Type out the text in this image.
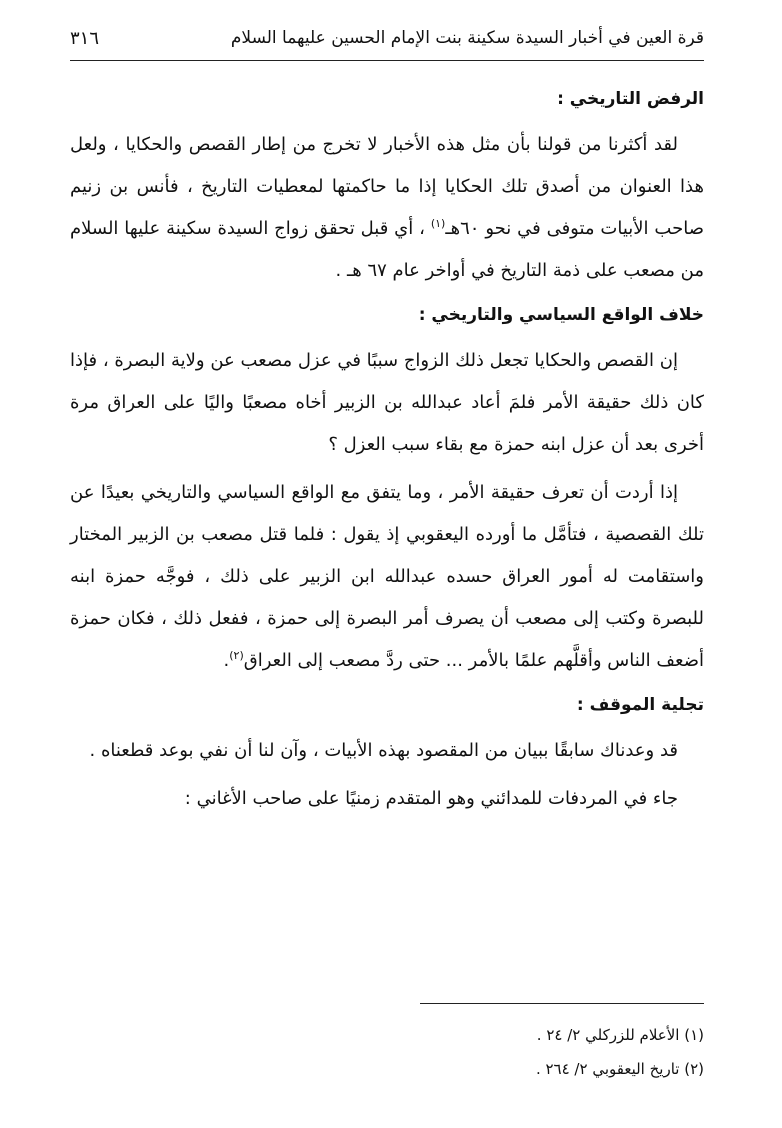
قرة العين في أخبار السيدة سكينة بنت الإمام الحسين عليهما السلام
٣١٦
الرفض التاريخي :

لقد أكثرنا من قولنا بأن مثل هذه الأخبار لا تخرج من إطار القصص والحكايا ، ولعل هذا العنوان من أصدق تلك الحكايا إذا ما حاكمتها لمعطيات التاريخ ، فأنس بن زنيم صاحب الأبيات متوفى في نحو ٦٠هـ$^{(١)}$ ، أي قبل تحقق زواج السيدة سكينة عليها السلام من مصعب على ذمة التاريخ في أواخر عام ٦٧ هـ .

خلاف الواقع السياسي والتاريخي :

إن القصص والحكايا تجعل ذلك الزواج سببًا في عزل مصعب عن ولاية البصرة ، فإذا كان ذلك حقيقة الأمر فلمَ أعاد عبدالله بن الزبير أخاه مصعبًا واليًا على العراق مرة أخرى بعد أن عزل ابنه حمزة مع بقاء سبب العزل ؟

إذا أردت أن تعرف حقيقة الأمر ، وما يتفق مع الواقع السياسي والتاريخي بعيدًا عن تلك القصصية ، فتأمَّل ما أورده اليعقوبي إذ يقول : فلما قتل مصعب بن الزبير المختار واستقامت له أمور العراق حسده عبدالله ابن الزبير على ذلك ، فوجَّه حمزة ابنه للبصرة وكتب إلى مصعب أن يصرف أمر البصرة إلى حمزة ، ففعل ذلك ، فكان حمزة أضعف الناس وأقلَّهم علمًا بالأمر ... حتى ردَّ مصعب إلى العراق$^{(٢)}$.

تجلية الموقف :

قد وعدناك سابقًا ببيان من المقصود بهذه الأبيات ، وآن لنا أن نفي بوعد قطعناه .

جاء في المردفات للمدائني وهو المتقدم زمنيًا على صاحب الأغاني :

(١) الأعلام للزركلي ٢/ ٢٤ .

(٢) تاريخ اليعقوبي ٢/ ٢٦٤ .
